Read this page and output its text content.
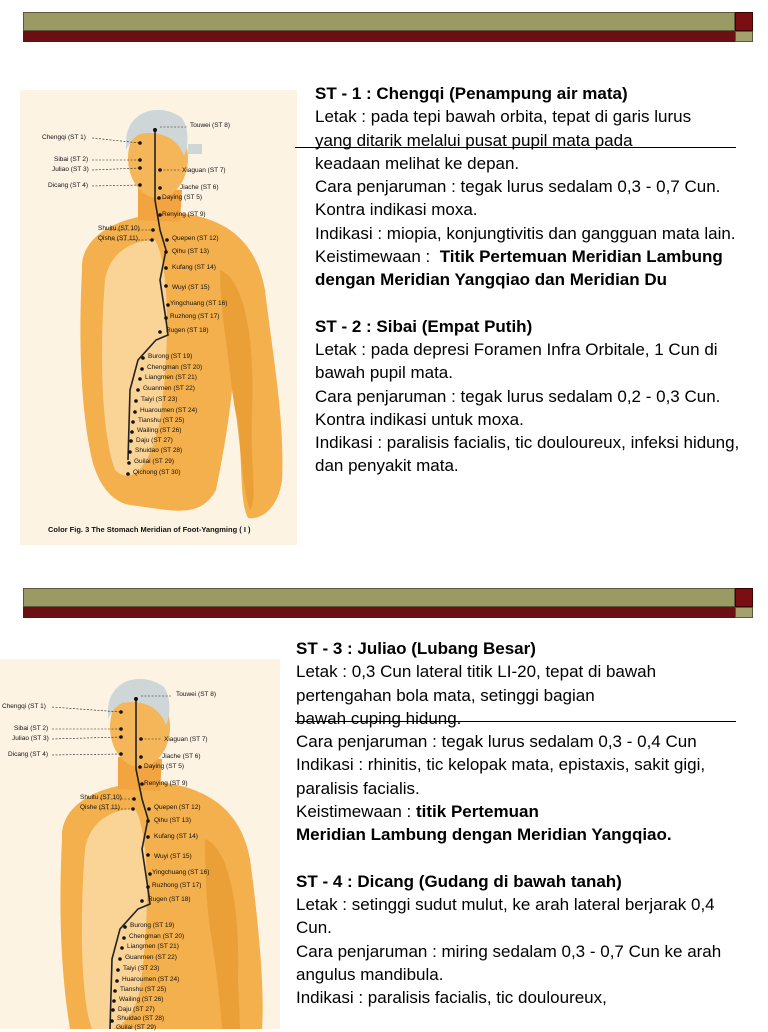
Touwei (ST 8)
Chengqi (ST 1)
Sibai (ST 2)
Juliao (ST 3)
Dicang (ST 4)
Xiaguan (ST 7)
Jiache (ST 6)
Daying (ST 5)
Renying (ST 9)
Shuitu (ST 10)
Qishe (ST 11)	Quepen (ST 12)
Qihu (ST 13)
Kufang (ST 14)
Wuyi (ST 15)
Yingchuang (ST 16)
Ruzhong (ST 17)
Rugen (ST 18)
Burong (ST 19)
Chengman (ST 20)
Liangmen (ST 21)
Guanmen (ST 22)
Taiyi (ST 23)
Huaroumen (ST 24)
Tianshu (ST 25)
Wailing (ST 26)
Daju (ST 27)
Shuidao (ST 28)
Guilai (ST 29)
Qichong (ST 30)
Color Fig. 3 The Stomach Meridian of Foot-Yangming ( I )

ST - 1 : Chengqi (Penampung air mata)

Letak : pada tepi bawah orbita, tepat di garis lurus

yang ditarik melalui pusat pupil mata pada

keadaan melihat ke depan.

Cara penjaruman : tegak lurus sedalam 0,3 - 0,7 Cun. Kontra indikasi moxa.

Indikasi : miopia, konjungtivitis dan gangguan mata lain.

Keistimewaan : Titik Pertemuan Meridian Lambung dengan Meridian Yangqiao dan Meridian Du

ST - 2 : Sibai (Empat Putih)

Letak : pada depresi Foramen Infra Orbitale, 1 Cun di bawah pupil mata.

Cara penjaruman : tegak lurus sedalam 0,2 - 0,3 Cun. Kontra indikasi untuk moxa.

Indikasi : paralisis facialis, tic douloureux, infeksi hidung, dan penyakit mata.

Touwei (ST 8)
Chengqi (ST 1)
Sibai (ST 2)
Juliao (ST 3)
Dicang (ST 4)
Xiaguan (ST 7)
Jiache (ST 6)
Daying (ST 5)
Renying (ST 9)
Shuitu (ST 10)
Qishe (ST 11)	Quepen (ST 12)
Qihu (ST 13)
Kufang (ST 14)
Wuyi (ST 15)
Yingchuang (ST 16)
Ruzhong (ST 17)
Rugen (ST 18)
Burong (ST 19)
Chengman (ST 20)
Liangmen (ST 21)
Guanmen (ST 22)
Taiyi (ST 23)
Huaroumen (ST 24)
Tianshu (ST 25)
Wailing (ST 26)
Daju (ST 27)
Shuidao (ST 28)
Guilai (ST 29)

ST - 3 : Juliao (Lubang Besar)

Letak : 0,3 Cun lateral titik LI-20, tepat di bawah

pertengahan bola mata, setinggi bagian

bawah cuping hidung.

Cara penjaruman : tegak lurus sedalam 0,3 - 0,4 Cun

Indikasi : rhinitis, tic kelopak mata, epistaxis, sakit gigi, paralisis facialis.

Keistimewaan : titik Pertemuan

Meridian Lambung dengan Meridian Yangqiao.

ST - 4 : Dicang (Gudang di bawah tanah)

Letak : setinggi sudut mulut, ke arah lateral berjarak 0,4 Cun.

Cara penjaruman : miring sedalam 0,3 - 0,7 Cun ke arah angulus mandibula.

Indikasi : paralisis facialis, tic douloureux,
